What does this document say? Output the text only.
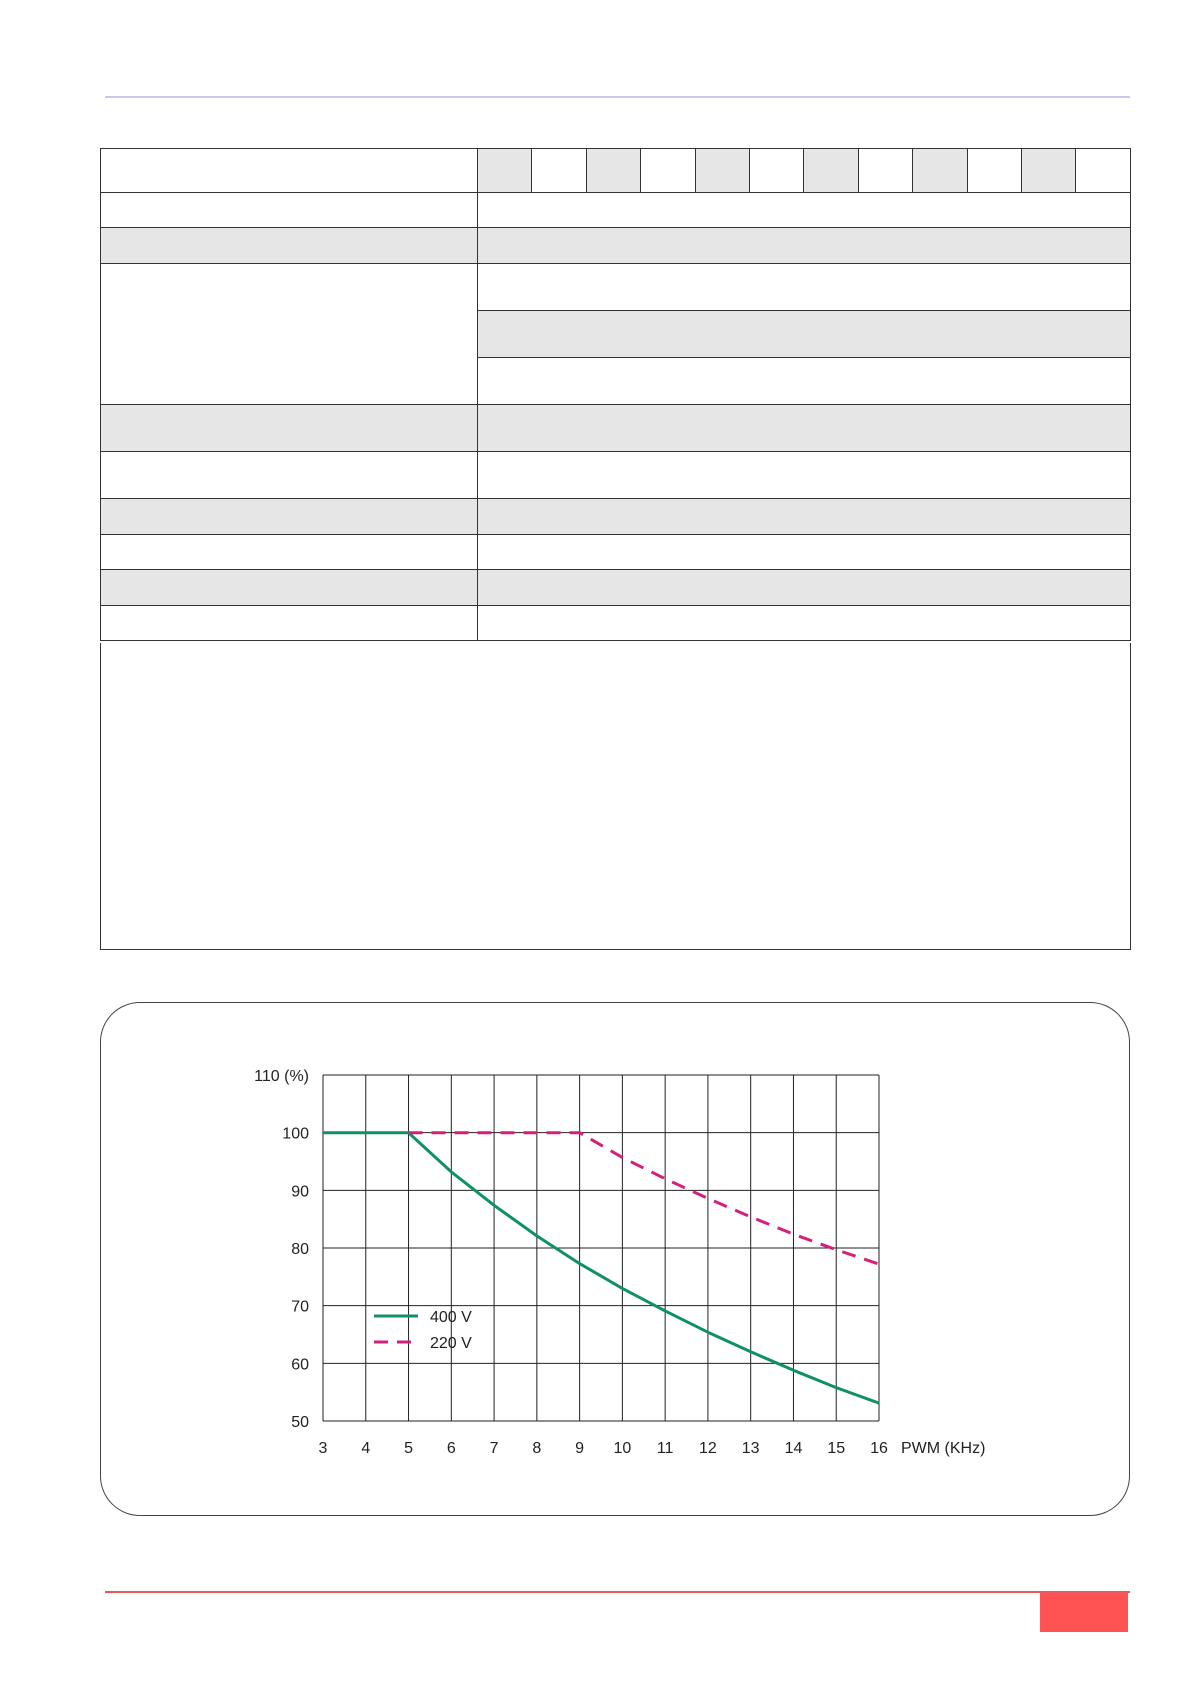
3 4 5 6 7 8 9 10 11 12 13 14 15 16
50
60
70
80
90
100
110 (%)
PWM (KHz)
400 V
220 V
